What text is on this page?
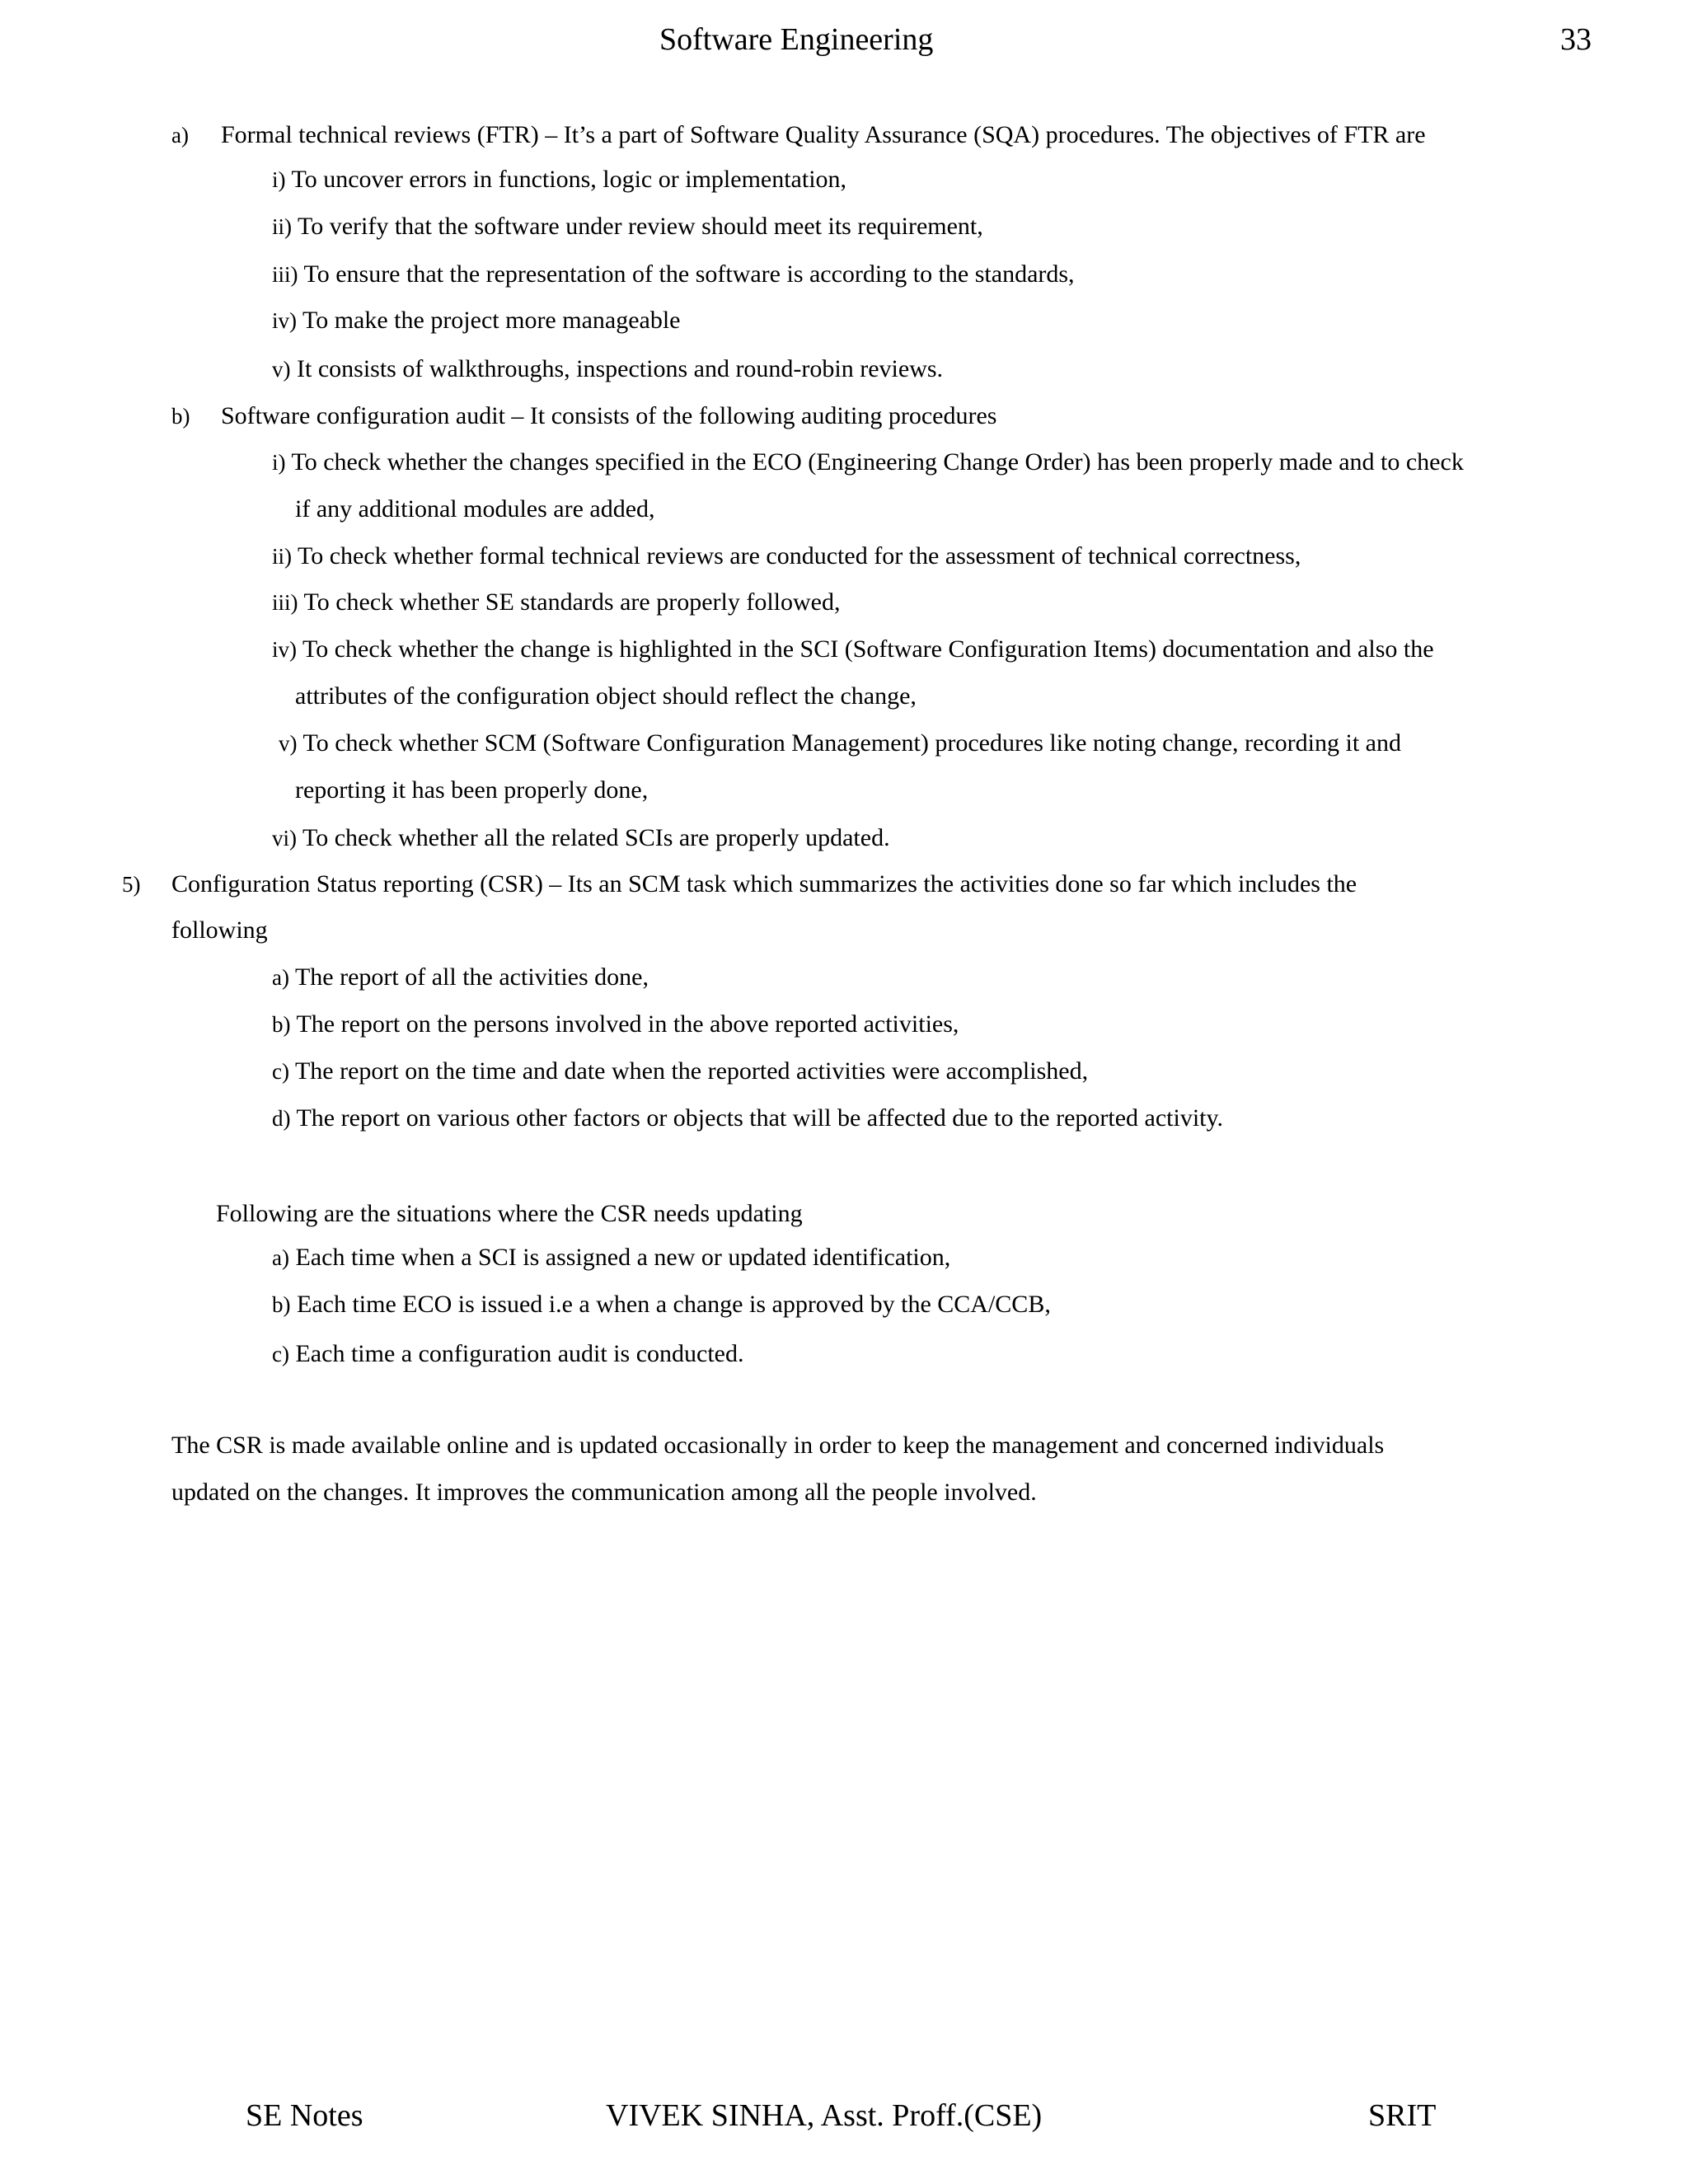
Software Engineering	33
a) Formal technical reviews (FTR) – It’s a part of Software Quality Assurance (SQA) procedures. The objectives of FTR are
i) To uncover errors in functions, logic or implementation,
ii) To verify that the software under review should meet its requirement,
iii) To ensure that the representation of the software is according to the standards,
iv) To make the project more manageable
v) It consists of walkthroughs, inspections and round-robin reviews.
b) Software configuration audit – It consists of the following auditing procedures
i) To check whether the changes specified in the ECO (Engineering Change Order) has been properly made and to check
if any additional modules are added,
ii) To check whether formal technical reviews are conducted for the assessment of technical correctness,
iii) To check whether SE standards are properly followed,
iv) To check whether the change is highlighted in the SCI (Software Configuration Items) documentation and also the
attributes of the configuration object should reflect the change,
v) To check whether SCM (Software Configuration Management) procedures like noting change, recording it and
reporting it has been properly done,
vi) To check whether all the related SCIs are properly updated.
5) Configuration Status reporting (CSR) – Its an SCM task which summarizes the activities done so far which includes the
following
a) The report of all the activities done,
b) The report on the persons involved in the above reported activities,
c) The report on the time and date when the reported activities were accomplished,
d) The report on various other factors or objects that will be affected due to the reported activity.
Following are the situations where the CSR needs updating
a) Each time when a SCI is assigned a new or updated identification,
b) Each time ECO is issued i.e a when a change is approved by the CCA/CCB,
c) Each time a configuration audit is conducted.
The CSR is made available online and is updated occasionally in order to keep the management and concerned individuals
updated on the changes. It improves the communication among all the people involved.
SE Notes	VIVEK SINHA, Asst. Proff.(CSE)	SRIT
